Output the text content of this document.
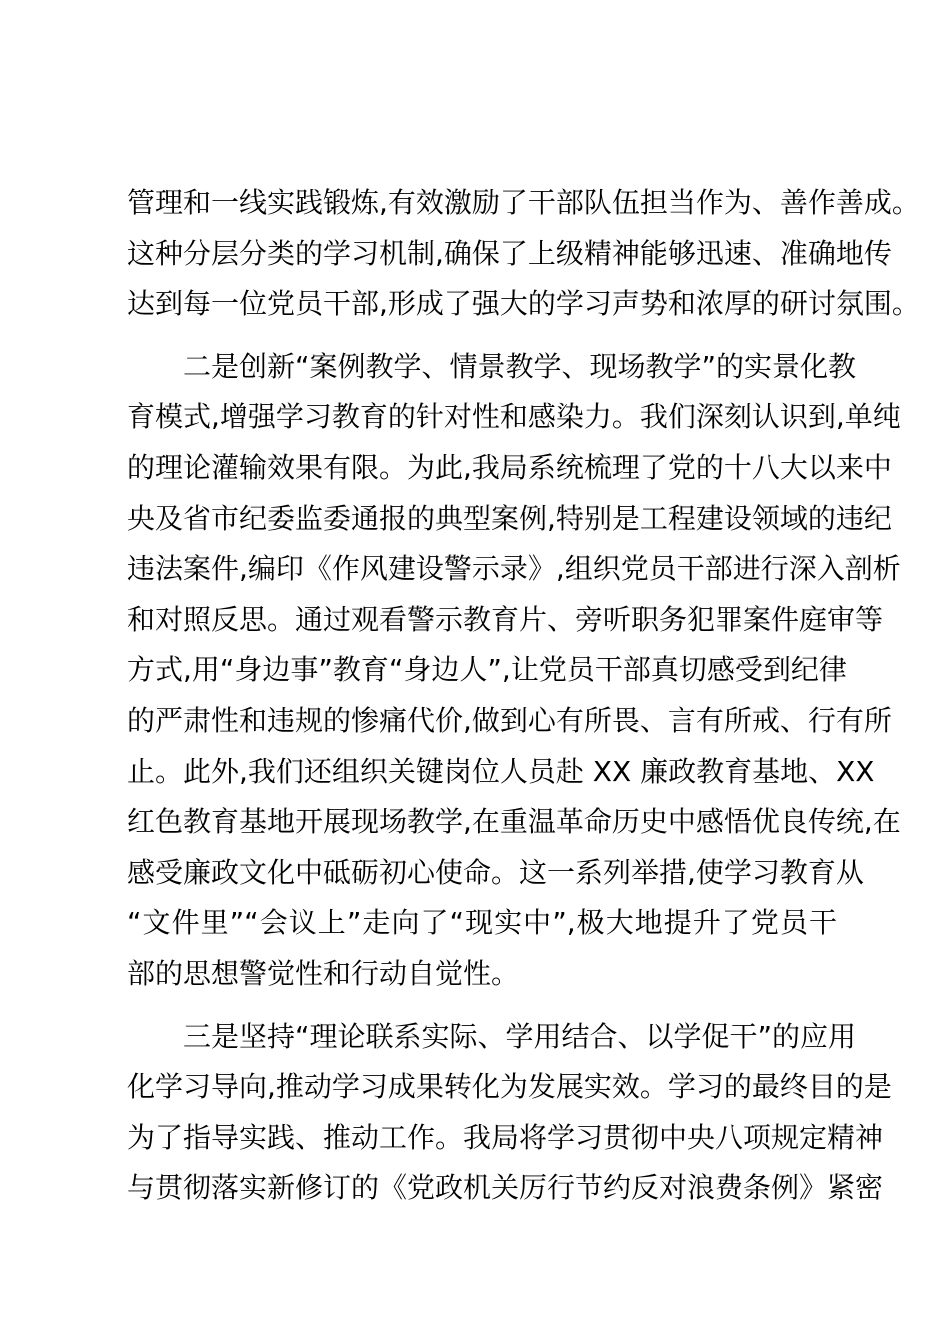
管理和一线实践锻炼,有效激励了干部队伍担当作为、善作善成。
这种分层分类的学习机制,确保了上级精神能够迅速、准确地传
达到每一位党员干部,形成了强大的学习声势和浓厚的研讨氛围。
二是创新“案例教学、情景教学、现场教学”的实景化教
育模式,增强学习教育的针对性和感染力。我们深刻认识到,单纯
的理论灌输效果有限。为此,我局系统梳理了党的十八大以来中
央及省市纪委监委通报的典型案例,特别是工程建设领域的违纪
违法案件,编印《作风建设警示录》,组织党员干部进行深入剖析
和对照反思。通过观看警示教育片、旁听职务犯罪案件庭审等
方式,用“身边事”教育“身边人”,让党员干部真切感受到纪律
的严肃性和违规的惨痛代价,做到心有所畏、言有所戒、行有所
止。此外,我们还组织关键岗位人员赴 XX 廉政教育基地、XX
红色教育基地开展现场教学,在重温革命历史中感悟优良传统,在
感受廉政文化中砥砺初心使命。这一系列举措,使学习教育从
“文件里”“会议上”走向了“现实中”,极大地提升了党员干
部的思想警觉性和行动自觉性。
三是坚持“理论联系实际、学用结合、以学促干”的应用
化学习导向,推动学习成果转化为发展实效。学习的最终目的是
为了指导实践、推动工作。我局将学习贯彻中央八项规定精神
与贯彻落实新修订的《党政机关厉行节约反对浪费条例》紧密
